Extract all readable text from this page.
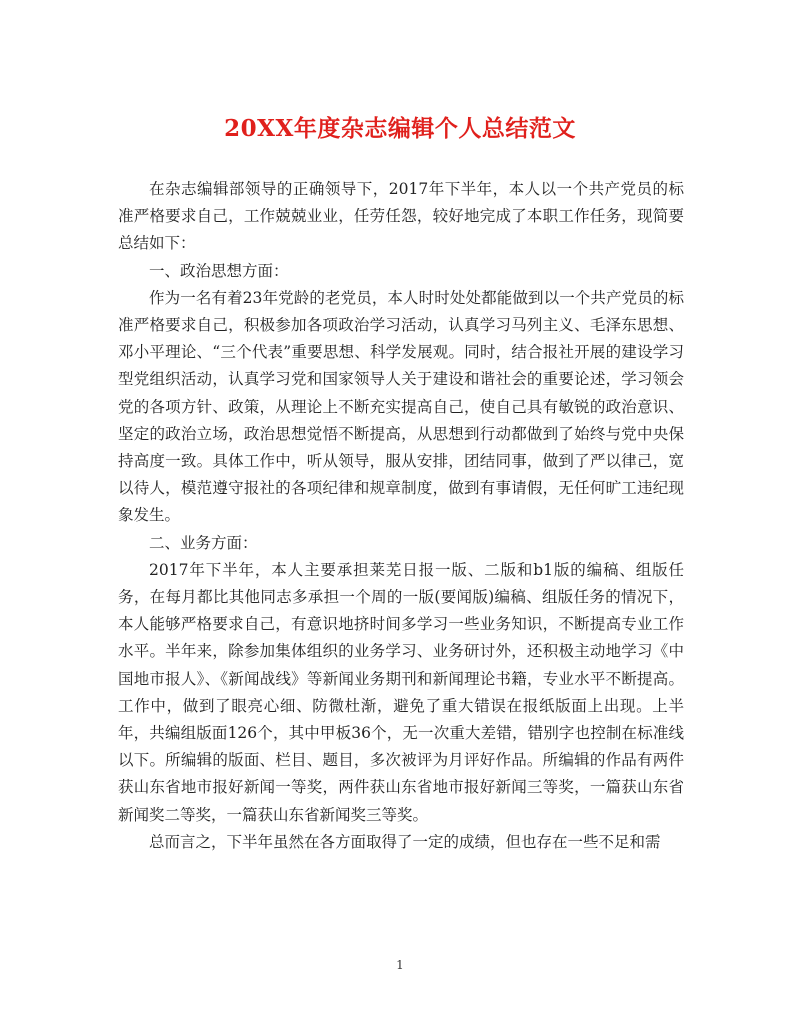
20XX年度杂志编辑个人总结范文

在杂志编辑部领导的正确领导下，2017年下半年，本人以一个共产党员的标准严格要求自己，工作兢兢业业，任劳任怨，较好地完成了本职工作任务，现简要总结如下：

一、政治思想方面：

作为一名有着23年党龄的老党员，本人时时处处都能做到以一个共产党员的标准严格要求自己，积极参加各项政治学习活动，认真学习马列主义、毛泽东思想、邓小平理论、“三个代表”重要思想、科学发展观。同时，结合报社开展的建设学习型党组织活动，认真学习党和国家领导人关于建设和谐社会的重要论述，学习领会党的各项方针、政策，从理论上不断充实提高自己，使自己具有敏锐的政治意识、坚定的政治立场，政治思想觉悟不断提高，从思想到行动都做到了始终与党中央保持高度一致。具体工作中，听从领导，服从安排，团结同事，做到了严以律己，宽以待人，模范遵守报社的各项纪律和规章制度，做到有事请假，无任何旷工违纪现象发生。

二、业务方面：

2017年下半年，本人主要承担莱芜日报一版、二版和b1版的编稿、组版任务，在每月都比其他同志多承担一个周的一版(要闻版)编稿、组版任务的情况下，本人能够严格要求自己，有意识地挤时间多学习一些业务知识，不断提高专业工作水平。半年来，除参加集体组织的业务学习、业务研讨外，还积极主动地学习《中国地市报人》、《新闻战线》等新闻业务期刊和新闻理论书籍，专业水平不断提高。工作中，做到了眼亮心细、防微杜渐，避免了重大错误在报纸版面上出现。上半年，共编组版面126个，其中甲板36个，无一次重大差错，错别字也控制在标准线以下。所编辑的版面、栏目、题目，多次被评为月评好作品。所编辑的作品有两件获山东省地市报好新闻一等奖，两件获山东省地市报好新闻三等奖，一篇获山东省新闻奖二等奖，一篇获山东省新闻奖三等奖。

总而言之，下半年虽然在各方面取得了一定的成绩，但也存在一些不足和需

1
